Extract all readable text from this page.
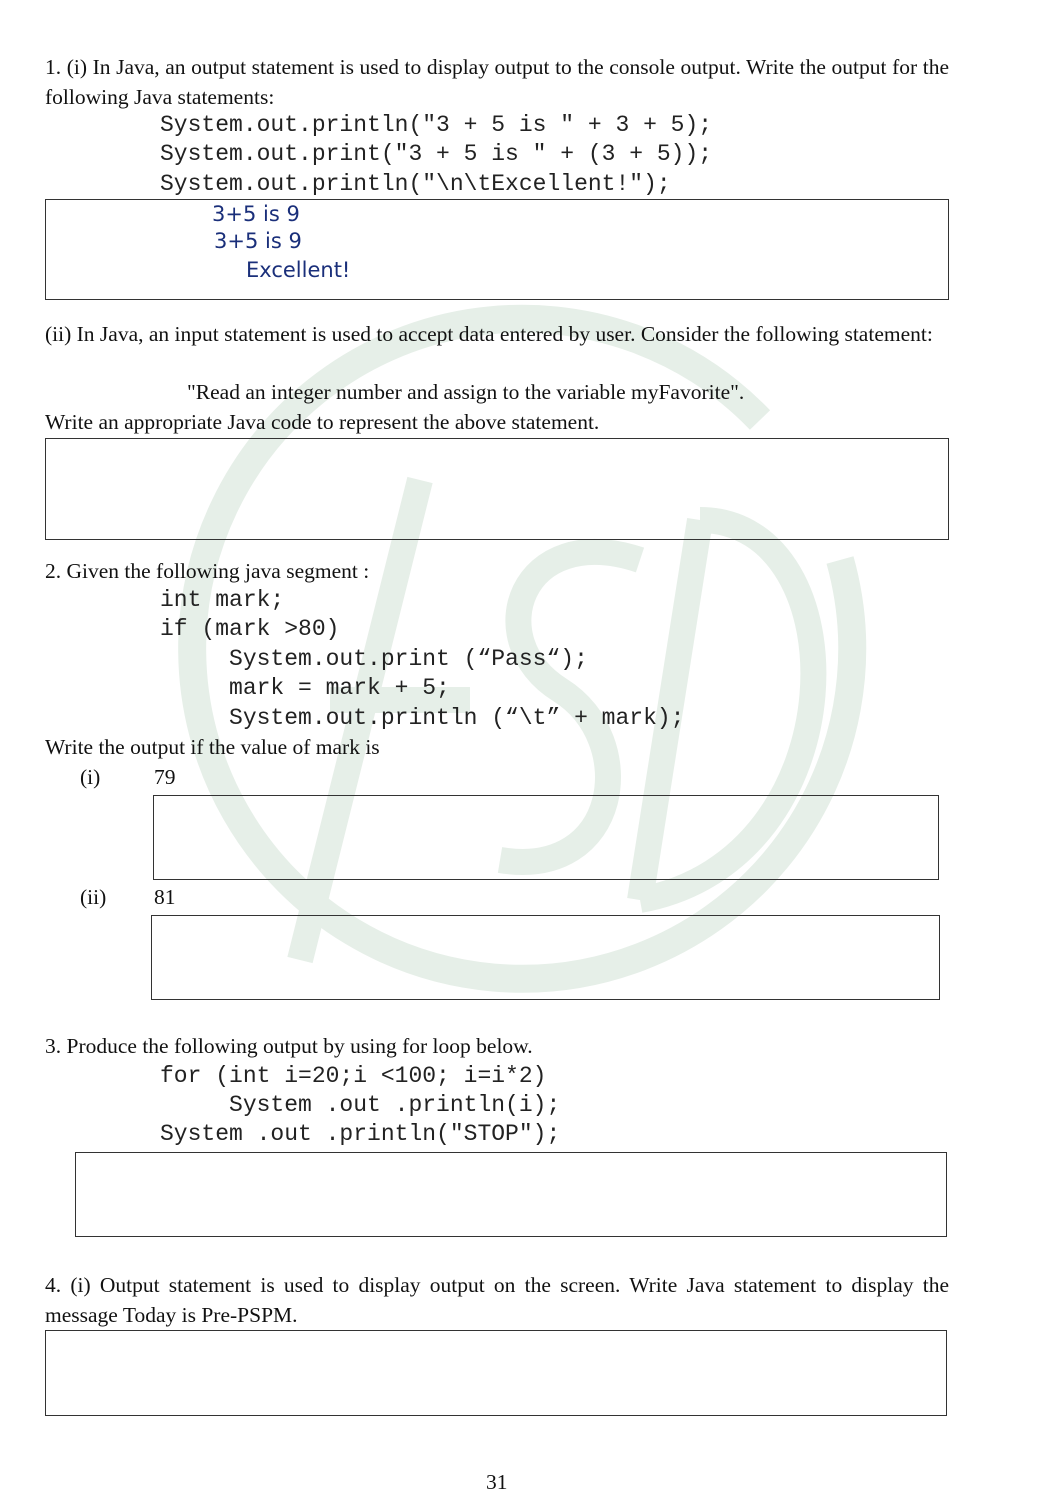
1. (i) In Java, an output statement is used to display output to the console output. Write the output for the following Java statements:
System.out.println("3 + 5 is " + 3 + 5);
System.out.print("3 + 5 is " + (3 + 5));
System.out.println("\n\tExcellent!");
3+5 is 9
3+5 is 9
Excellent!
(ii) In Java, an input statement is used to accept data entered by user. Consider the following statement:
"Read an integer number and assign to the variable myFavorite".
Write an appropriate Java code to represent the above statement.
2. Given the following java segment :
int mark;
if (mark >80)
System.out.print (“Pass“);
mark = mark + 5;
System.out.println (“\t” + mark);
Write the output if the value of mark is
(i) 79
(ii) 81
3. Produce the following output by using for loop below.
for (int i=20;i <100; i=i*2)
System .out .println(i);
System .out .println("STOP");
4. (i) Output statement is used to display output on the screen. Write Java statement to display the message Today is Pre-PSPM.
31
